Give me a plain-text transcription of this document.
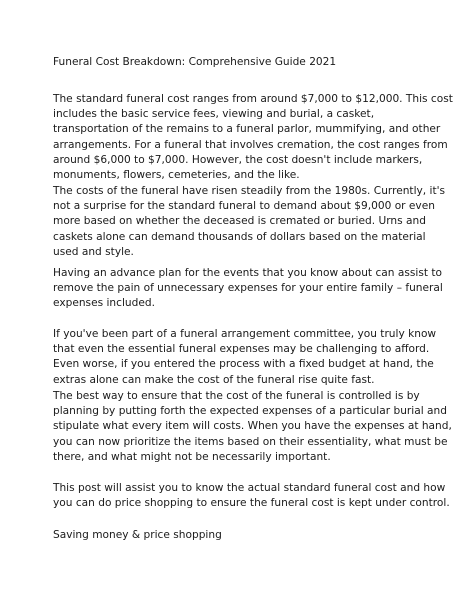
Funeral Cost Breakdown: Comprehensive Guide 2021

The standard funeral cost ranges from around $7,000 to $12,000. This cost includes the basic service fees, viewing and burial, a casket, transportation of the remains to a funeral parlor, mummifying, and other arrangements. For a funeral that involves cremation, the cost ranges from around $6,000 to $7,000. However, the cost doesn't include markers, monuments, flowers, cemeteries, and the like.

The costs of the funeral have risen steadily from the 1980s. Currently, it's not a surprise for the standard funeral to demand about $9,000 or even more based on whether the deceased is cremated or buried. Urns and caskets alone can demand thousands of dollars based on the material used and style.

Having an advance plan for the events that you know about can assist to remove the pain of unnecessary expenses for your entire family – funeral expenses included.

If you've been part of a funeral arrangement committee, you truly know that even the essential funeral expenses may be challenging to afford. Even worse, if you entered the process with a fixed budget at hand, the extras alone can make the cost of the funeral rise quite fast.

The best way to ensure that the cost of the funeral is controlled is by planning by putting forth the expected expenses of a particular burial and stipulate what every item will costs. When you have the expenses at hand, you can now prioritize the items based on their essentiality, what must be there, and what might not be necessarily important.

This post will assist you to know the actual standard funeral cost and how you can do price shopping to ensure the funeral cost is kept under control.

Saving money & price shopping
